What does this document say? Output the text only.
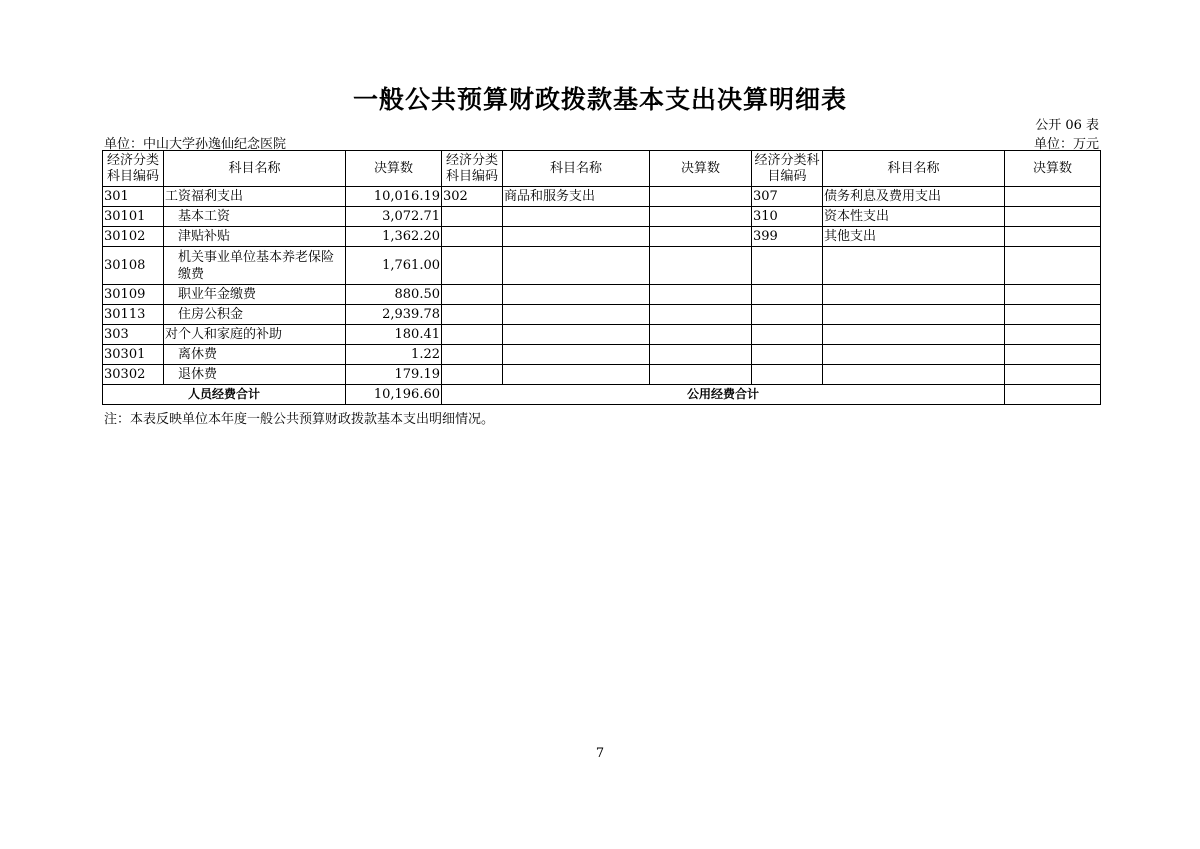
一般公共预算财政拨款基本支出决算明细表
公开 06 表
单位：中山大学孙逸仙纪念医院	单位：万元
经济分类科目编码	科目名称	决算数	经济分类科目编码	科目名称	决算数	经济分类科目编码	科目名称	决算数
301	工资福利支出	10,016.19	302	商品和服务支出		307	债务利息及费用支出	
30101	基本工资	3,072.71				310	资本性支出	
30102	津贴补贴	1,362.20				399	其他支出	
30108	机关事业单位基本养老保险缴费	1,761.00						
30109	职业年金缴费	880.50						
30113	住房公积金	2,939.78						
303	对个人和家庭的补助	180.41						
30301	离休费	1.22						
30302	退休费	179.19						
人员经费合计		10,196.60	公用经费合计					
注：本表反映单位本年度一般公共预算财政拨款基本支出明细情况。
7
